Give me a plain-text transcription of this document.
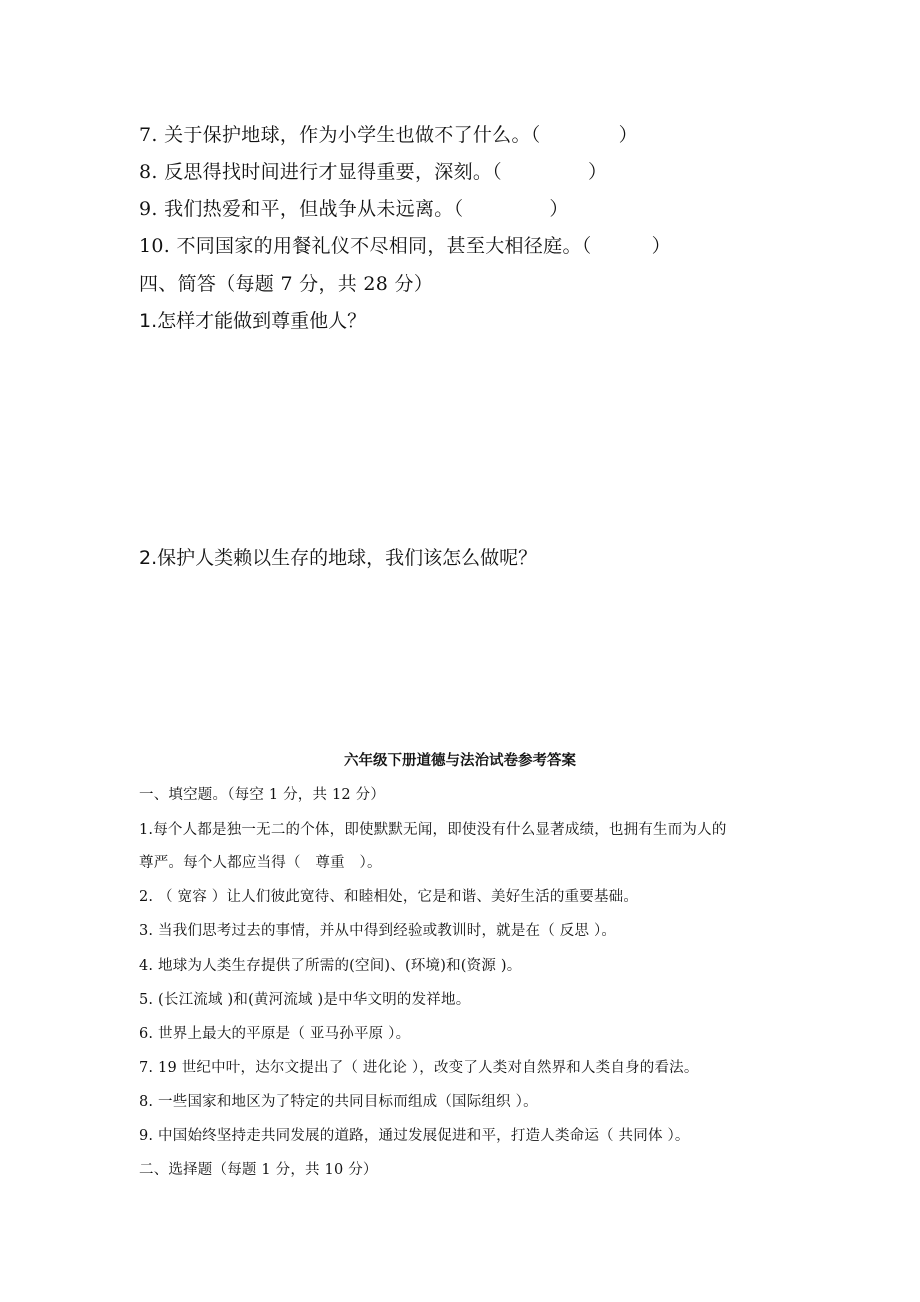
7. 关于保护地球，作为小学生也做不了什么。（	）
8. 反思得找时间进行才显得重要，深刻。（	）
9. 我们热爱和平，但战争从未远离。（	）
10. 不同国家的用餐礼仪不尽相同，甚至大相径庭。（	）
四、简答（每题 7 分，共 28 分）
1.怎样才能做到尊重他人？
2.保护人类赖以生存的地球，我们该怎么做呢？
六年级下册道德与法治试卷参考答案
一、填空题。（每空 1 分，共 12 分）
1.每个人都是独一无二的个体，即使默默无闻，即使没有什么显著成绩，也拥有生而为人的
尊严。每个人都应当得（　尊重　）。
2. （ 宽容 ）让人们彼此宽待、和睦相处，它是和谐、美好生活的重要基础。
3. 当我们思考过去的事情，并从中得到经验或教训时，就是在（ 反思 ）。
4. 地球为人类生存提供了所需的(空间)、(环境)和(资源 )。
5. (长江流域 )和(黄河流域 )是中华文明的发祥地。
6. 世界上最大的平原是（ 亚马孙平原 ）。
7. 19 世纪中叶，达尔文提出了（ 进化论 ），改变了人类对自然界和人类自身的看法。
8. 一些国家和地区为了特定的共同目标而组成（国际组织 ）。
9. 中国始终坚持走共同发展的道路，通过发展促进和平，打造人类命运（ 共同体 ）。
二、选择题（每题 1 分，共 10 分）
